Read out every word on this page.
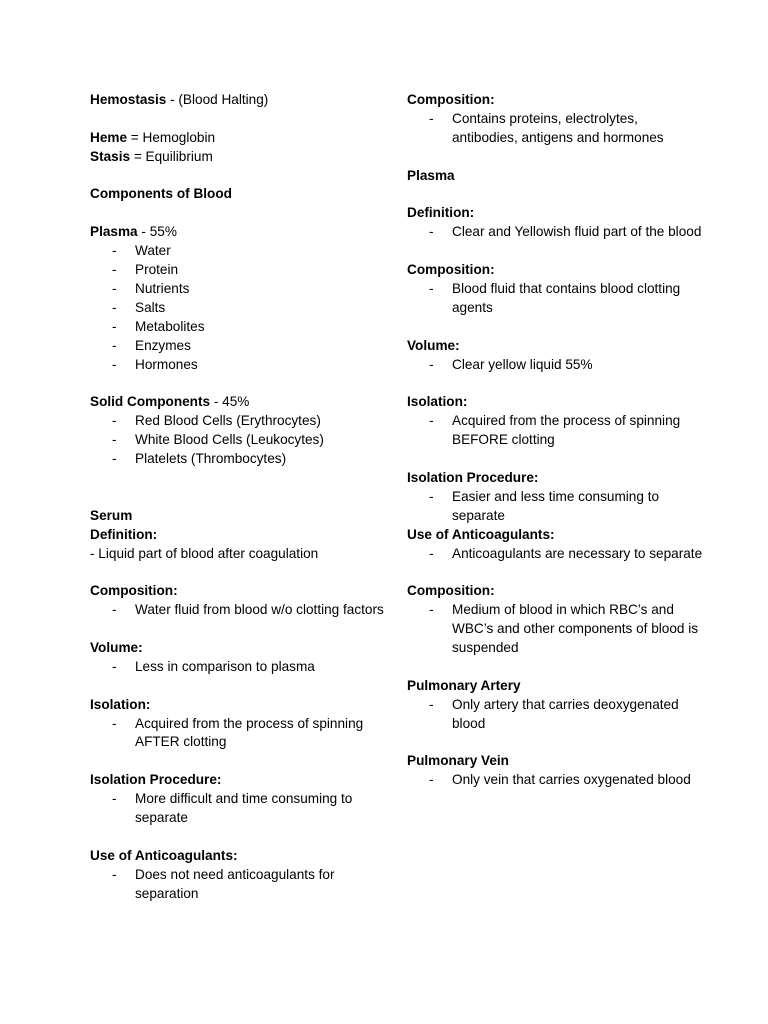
Hemostasis - (Blood Halting)
Heme = Hemoglobin
Stasis = Equilibrium
Components of Blood
Plasma - 55%
- Water
- Protein
- Nutrients
- Salts
- Metabolites
- Enzymes
- Hormones
Solid Components - 45%
- Red Blood Cells (Erythrocytes)
- White Blood Cells (Leukocytes)
- Platelets (Thrombocytes)
Serum
Definition:
- Liquid part of blood after coagulation
Composition:
- Water fluid from blood w/o clotting factors
Volume:
- Less in comparison to plasma
Isolation:
- Acquired from the process of spinning AFTER clotting
Isolation Procedure:
- More difficult and time consuming to separate
Use of Anticoagulants:
- Does not need anticoagulants for separation
Composition:
- Contains proteins, electrolytes, antibodies, antigens and hormones
Plasma
Definition:
- Clear and Yellowish fluid part of the blood
Composition:
- Blood fluid that contains blood clotting agents
Volume:
- Clear yellow liquid 55%
Isolation:
- Acquired from the process of spinning BEFORE clotting
Isolation Procedure:
- Easier and less time consuming to separate
Use of Anticoagulants:
- Anticoagulants are necessary to separate
Composition:
- Medium of blood in which RBC’s and WBC’s and other components of blood is suspended
Pulmonary Artery
- Only artery that carries deoxygenated blood
Pulmonary Vein
- Only vein that carries oxygenated blood
